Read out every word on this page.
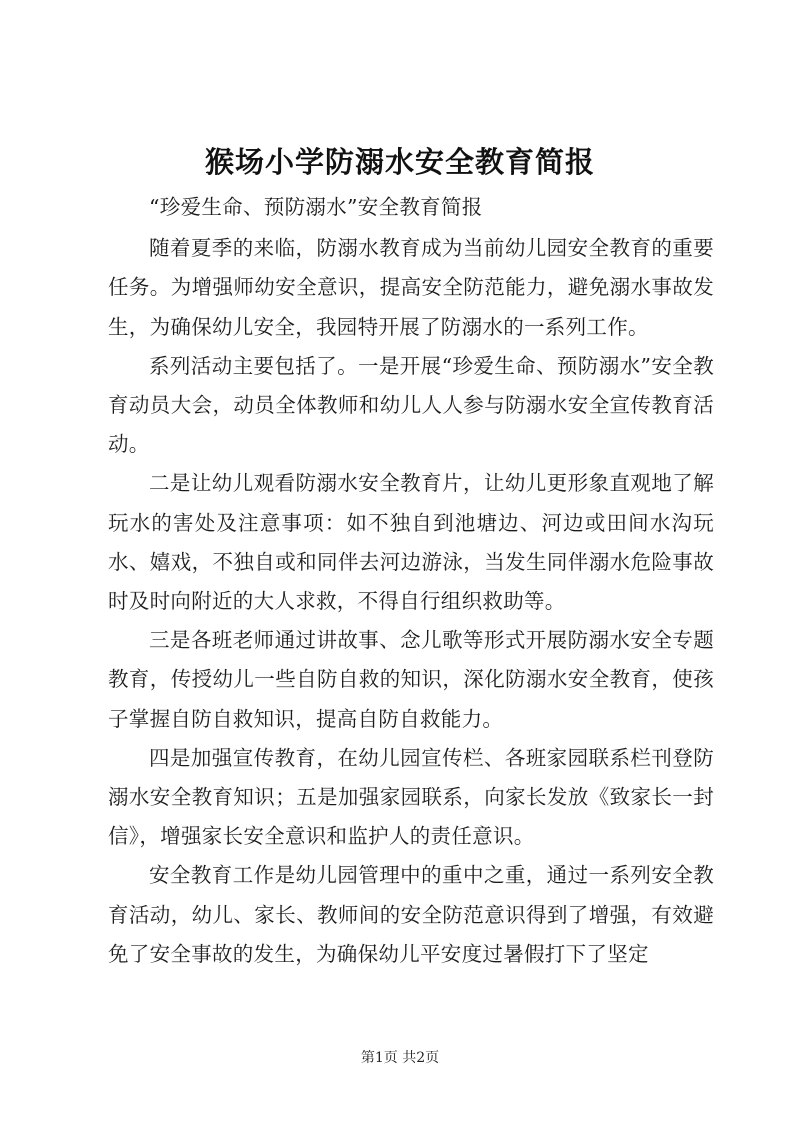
猴场小学防溺水安全教育简报

“珍爱生命、预防溺水”安全教育简报

随着夏季的来临，防溺水教育成为当前幼儿园安全教育的重要任务。为增强师幼安全意识，提高安全防范能力，避免溺水事故发生，为确保幼儿安全，我园特开展了防溺水的一系列工作。

系列活动主要包括了。一是开展“珍爱生命、预防溺水”安全教育动员大会，动员全体教师和幼儿人人参与防溺水安全宣传教育活动。

二是让幼儿观看防溺水安全教育片，让幼儿更形象直观地了解玩水的害处及注意事项：如不独自到池塘边、河边或田间水沟玩水、嬉戏，不独自或和同伴去河边游泳，当发生同伴溺水危险事故时及时向附近的大人求救，不得自行组织救助等。

三是各班老师通过讲故事、念儿歌等形式开展防溺水安全专题教育，传授幼儿一些自防自救的知识，深化防溺水安全教育，使孩子掌握自防自救知识，提高自防自救能力。

四是加强宣传教育，在幼儿园宣传栏、各班家园联系栏刊登防溺水安全教育知识；五是加强家园联系，向家长发放《致家长一封信》，增强家长安全意识和监护人的责任意识。

安全教育工作是幼儿园管理中的重中之重，通过一系列安全教育活动，幼儿、家长、教师间的安全防范意识得到了增强，有效避免了安全事故的发生，为确保幼儿平安度过暑假打下了坚定

第1页 共2页
